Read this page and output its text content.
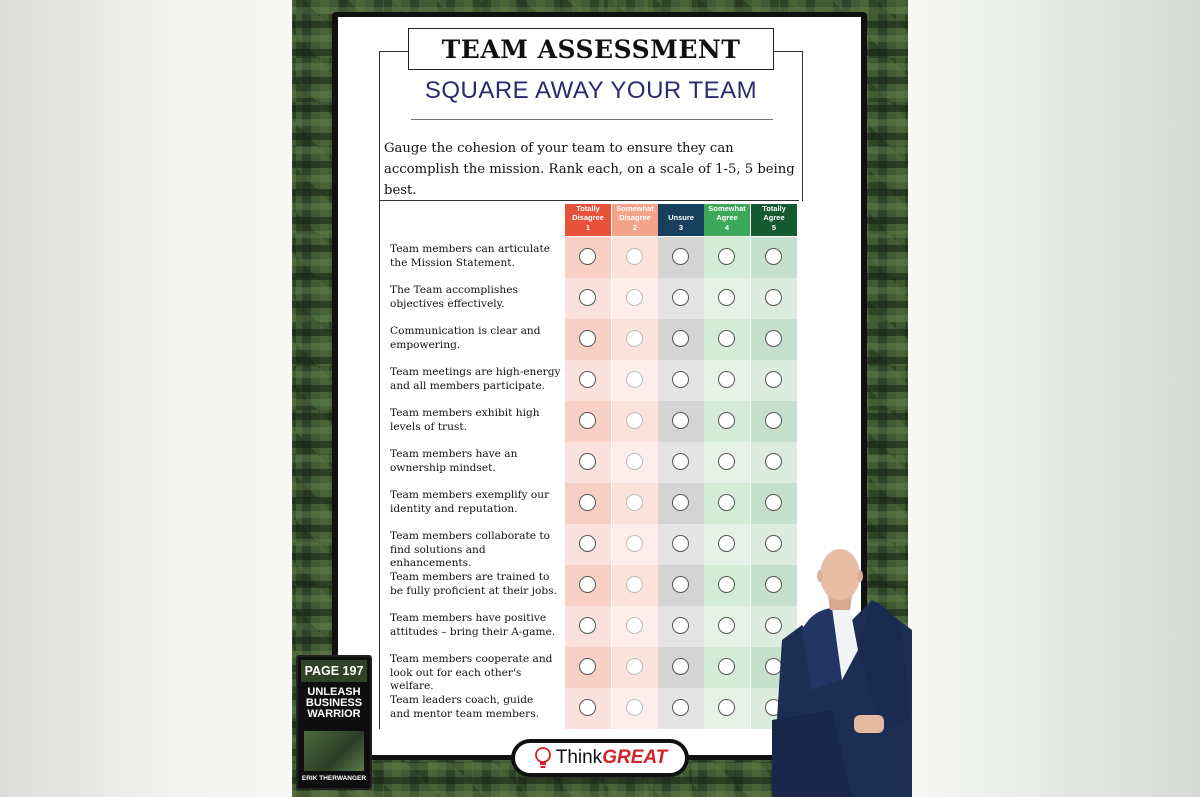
TEAM ASSESSMENT
SQUARE AWAY YOUR TEAM
Gauge the cohesion of your team to ensure they can accomplish the mission. Rank each, on a scale of 1-5, 5 being best.
Totally
Disagree
1
Somewhat
Disagree
2
Unsure
3
Somewhat
Agree
4
Totally
Agree
5
Team members can articulate
the Mission Statement.
The Team accomplishes
objectives effectively.
Communication is clear and
empowering.
Team meetings are high-energy
and all members participate.
Team members exhibit high
levels of trust.
Team members have an
ownership mindset.
Team members exemplify our
identity and reputation.
Team members collaborate to
find solutions and enhancements.
Team members are trained to
be fully proficient at their jobs.
Team members have positive
attitudes – bring their A-game.
Team members cooperate and
look out for each other's welfare.
Team leaders coach, guide
and mentor team members.
Think GREAT
PAGE 197
UNLEASH
BUSINESS
WARRIOR
ERIK THERWANGER
